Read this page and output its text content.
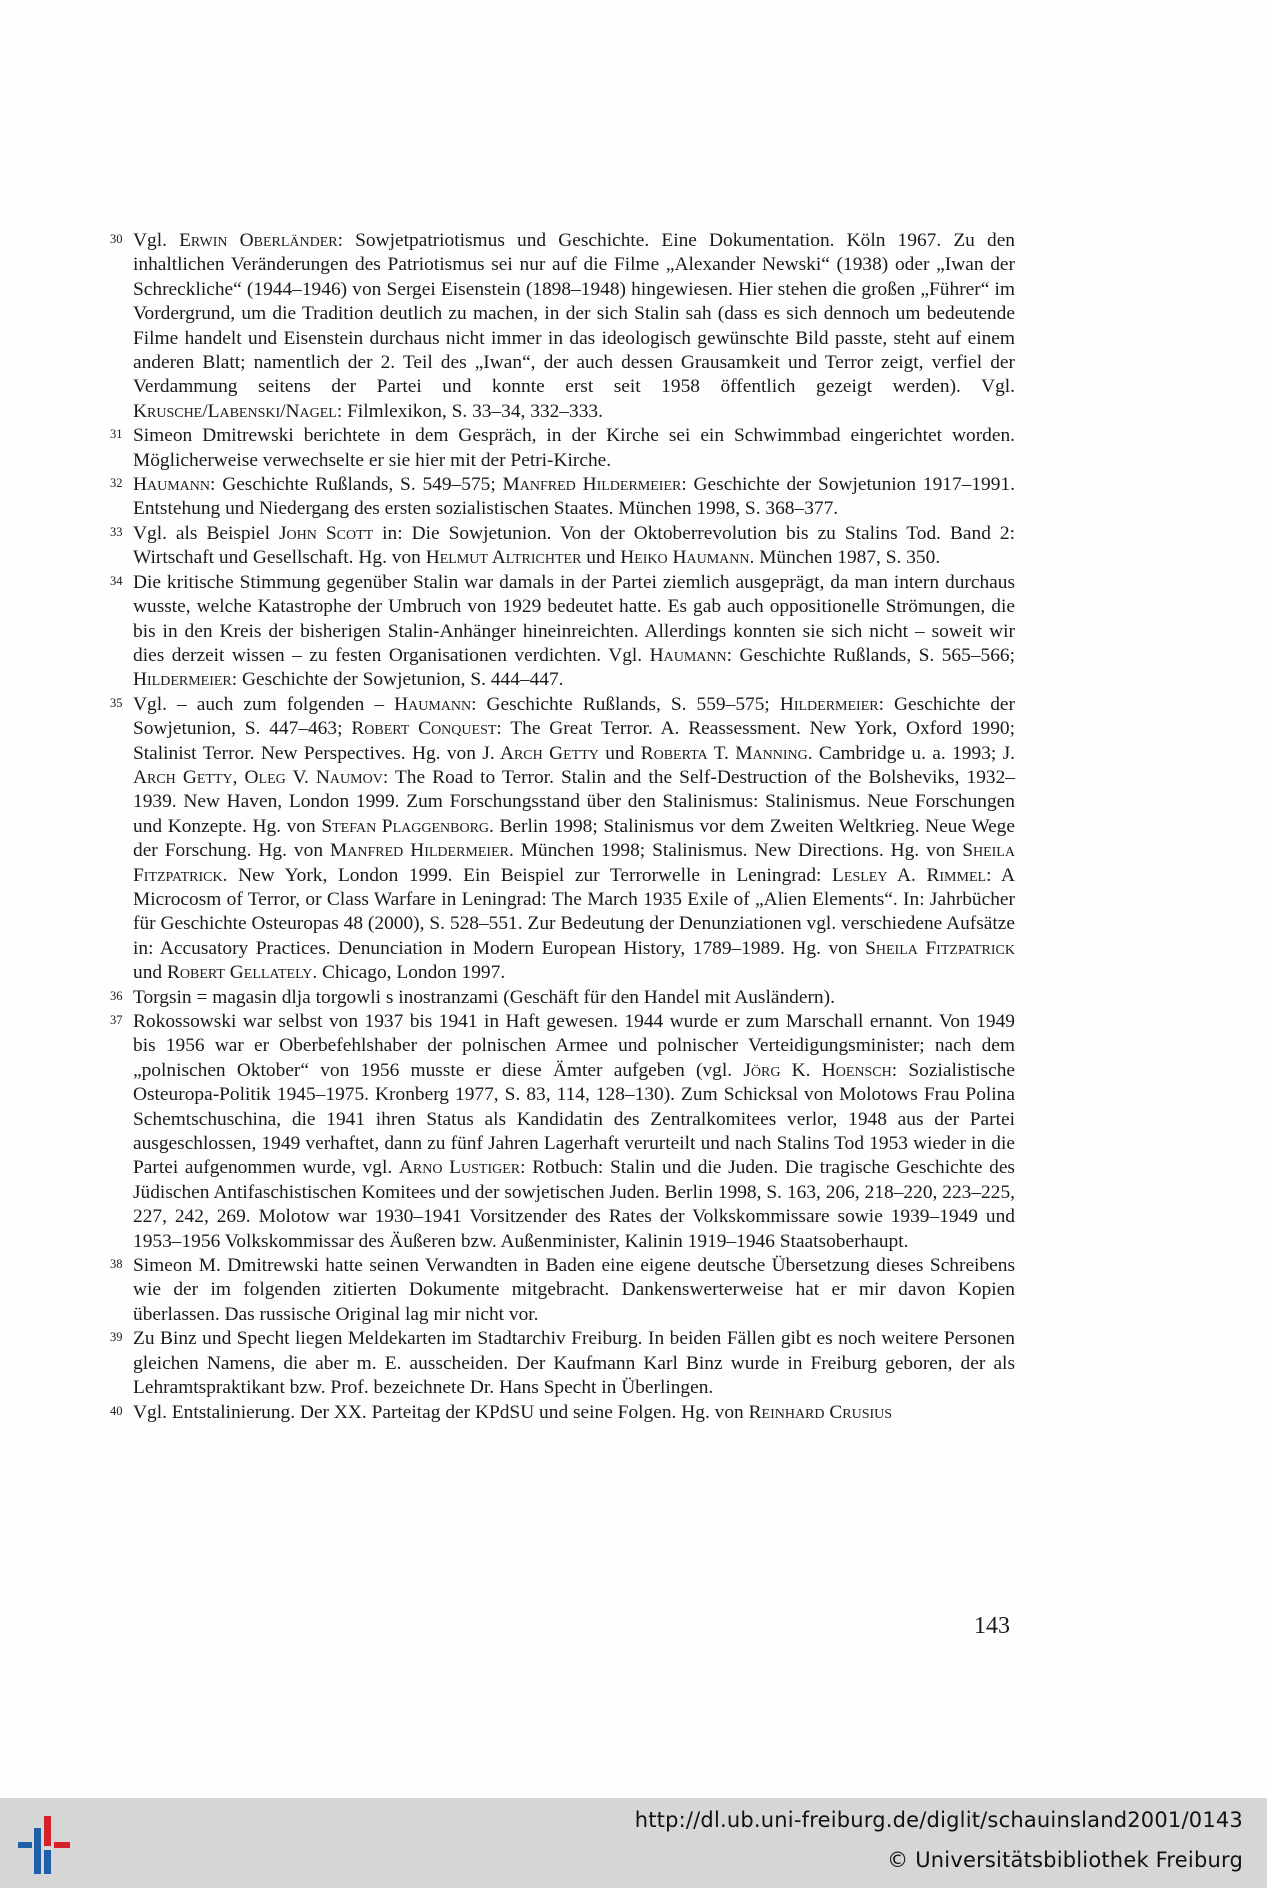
30 Vgl. Erwin Oberländer: Sowjetpatriotismus und Geschichte. Eine Dokumentation. Köln 1967. Zu den inhaltlichen Veränderungen des Patriotismus sei nur auf die Filme „Alexander Newski“ (1938) oder „Iwan der Schreckliche“ (1944–1946) von Sergei Eisenstein (1898–1948) hingewiesen. Hier stehen die großen „Führer“ im Vordergrund, um die Tradition deutlich zu machen, in der sich Stalin sah (dass es sich dennoch um bedeutende Filme handelt und Eisenstein durchaus nicht immer in das ideologisch gewünschte Bild passte, steht auf einem anderen Blatt; namentlich der 2. Teil des „Iwan“, der auch dessen Grausamkeit und Terror zeigt, verfiel der Verdammung seitens der Partei und konnte erst seit 1958 öffentlich gezeigt werden). Vgl. Krusche/Labenski/Nagel: Filmlexikon, S. 33–34, 332–333.

31 Simeon Dmitrewski berichtete in dem Gespräch, in der Kirche sei ein Schwimmbad eingerichtet worden. Möglicherweise verwechselte er sie hier mit der Petri-Kirche.

32 Haumann: Geschichte Rußlands, S. 549–575; Manfred Hildermeier: Geschichte der Sowjetunion 1917–1991. Entstehung und Niedergang des ersten sozialistischen Staates. München 1998, S. 368–377.

33 Vgl. als Beispiel John Scott in: Die Sowjetunion. Von der Oktoberrevolution bis zu Stalins Tod. Band 2: Wirtschaft und Gesellschaft. Hg. von Helmut Altrichter und Heiko Haumann. München 1987, S. 350.

34 Die kritische Stimmung gegenüber Stalin war damals in der Partei ziemlich ausgeprägt, da man intern durchaus wusste, welche Katastrophe der Umbruch von 1929 bedeutet hatte. Es gab auch oppositionelle Strömungen, die bis in den Kreis der bisherigen Stalin-Anhänger hineinreichten. Allerdings konnten sie sich nicht – soweit wir dies derzeit wissen – zu festen Organisationen verdichten. Vgl. Haumann: Geschichte Rußlands, S. 565–566; Hildermeier: Geschichte der Sowjetunion, S. 444–447.

35 Vgl. – auch zum folgenden – Haumann: Geschichte Rußlands, S. 559–575; Hildermeier: Geschichte der Sowjetunion, S. 447–463; Robert Conquest: The Great Terror. A. Reassessment. New York, Oxford 1990; Stalinist Terror. New Perspectives. Hg. von J. Arch Getty und Roberta T. Manning. Cambridge u. a. 1993; J. Arch Getty, Oleg V. Naumov: The Road to Terror. Stalin and the Self-Destruction of the Bolsheviks, 1932–1939. New Haven, London 1999. Zum Forschungsstand über den Stalinismus: Stalinismus. Neue Forschungen und Konzepte. Hg. von Stefan Plaggenborg. Berlin 1998; Stalinismus vor dem Zweiten Weltkrieg. Neue Wege der Forschung. Hg. von Manfred Hildermeier. München 1998; Stalinismus. New Directions. Hg. von Sheila Fitzpatrick. New York, London 1999. Ein Beispiel zur Terrorwelle in Leningrad: Lesley A. Rimmel: A Microcosm of Terror, or Class Warfare in Leningrad: The March 1935 Exile of „Alien Elements“. In: Jahrbücher für Geschichte Osteuropas 48 (2000), S. 528–551. Zur Bedeutung der Denunziationen vgl. verschiedene Aufsätze in: Accusatory Practices. Denunciation in Modern European History, 1789–1989. Hg. von Sheila Fitzpatrick und Robert Gellately. Chicago, London 1997.

36 Torgsin = magasin dlja torgowli s inostranzami (Geschäft für den Handel mit Ausländern).

37 Rokossowski war selbst von 1937 bis 1941 in Haft gewesen. 1944 wurde er zum Marschall ernannt. Von 1949 bis 1956 war er Oberbefehlshaber der polnischen Armee und polnischer Verteidigungsminister; nach dem „polnischen Oktober“ von 1956 musste er diese Ämter aufgeben (vgl. Jörg K. Hoensch: Sozialistische Osteuropa-Politik 1945–1975. Kronberg 1977, S. 83, 114, 128–130). Zum Schicksal von Molotows Frau Polina Schemtschuschina, die 1941 ihren Status als Kandidatin des Zentralkomitees verlor, 1948 aus der Partei ausgeschlossen, 1949 verhaftet, dann zu fünf Jahren Lagerhaft verurteilt und nach Stalins Tod 1953 wieder in die Partei aufgenommen wurde, vgl. Arno Lustiger: Rotbuch: Stalin und die Juden. Die tragische Geschichte des Jüdischen Antifaschistischen Komitees und der sowjetischen Juden. Berlin 1998, S. 163, 206, 218–220, 223–225, 227, 242, 269. Molotow war 1930–1941 Vorsitzender des Rates der Volkskommissare sowie 1939–1949 und 1953–1956 Volkskommissar des Äußeren bzw. Außenminister, Kalinin 1919–1946 Staatsoberhaupt.

38 Simeon M. Dmitrewski hatte seinen Verwandten in Baden eine eigene deutsche Übersetzung dieses Schreibens wie der im folgenden zitierten Dokumente mitgebracht. Dankenswerterweise hat er mir davon Kopien überlassen. Das russische Original lag mir nicht vor.

39 Zu Binz und Specht liegen Meldekarten im Stadtarchiv Freiburg. In beiden Fällen gibt es noch weitere Personen gleichen Namens, die aber m. E. ausscheiden. Der Kaufmann Karl Binz wurde in Freiburg geboren, der als Lehramtspraktikant bzw. Prof. bezeichnete Dr. Hans Specht in Überlingen.

40 Vgl. Entstalinierung. Der XX. Parteitag der KPdSU und seine Folgen. Hg. von Reinhard Crusius

143
http://dl.ub.uni-freiburg.de/diglit/schauinsland2001/0143
© Universitätsbibliothek Freiburg
